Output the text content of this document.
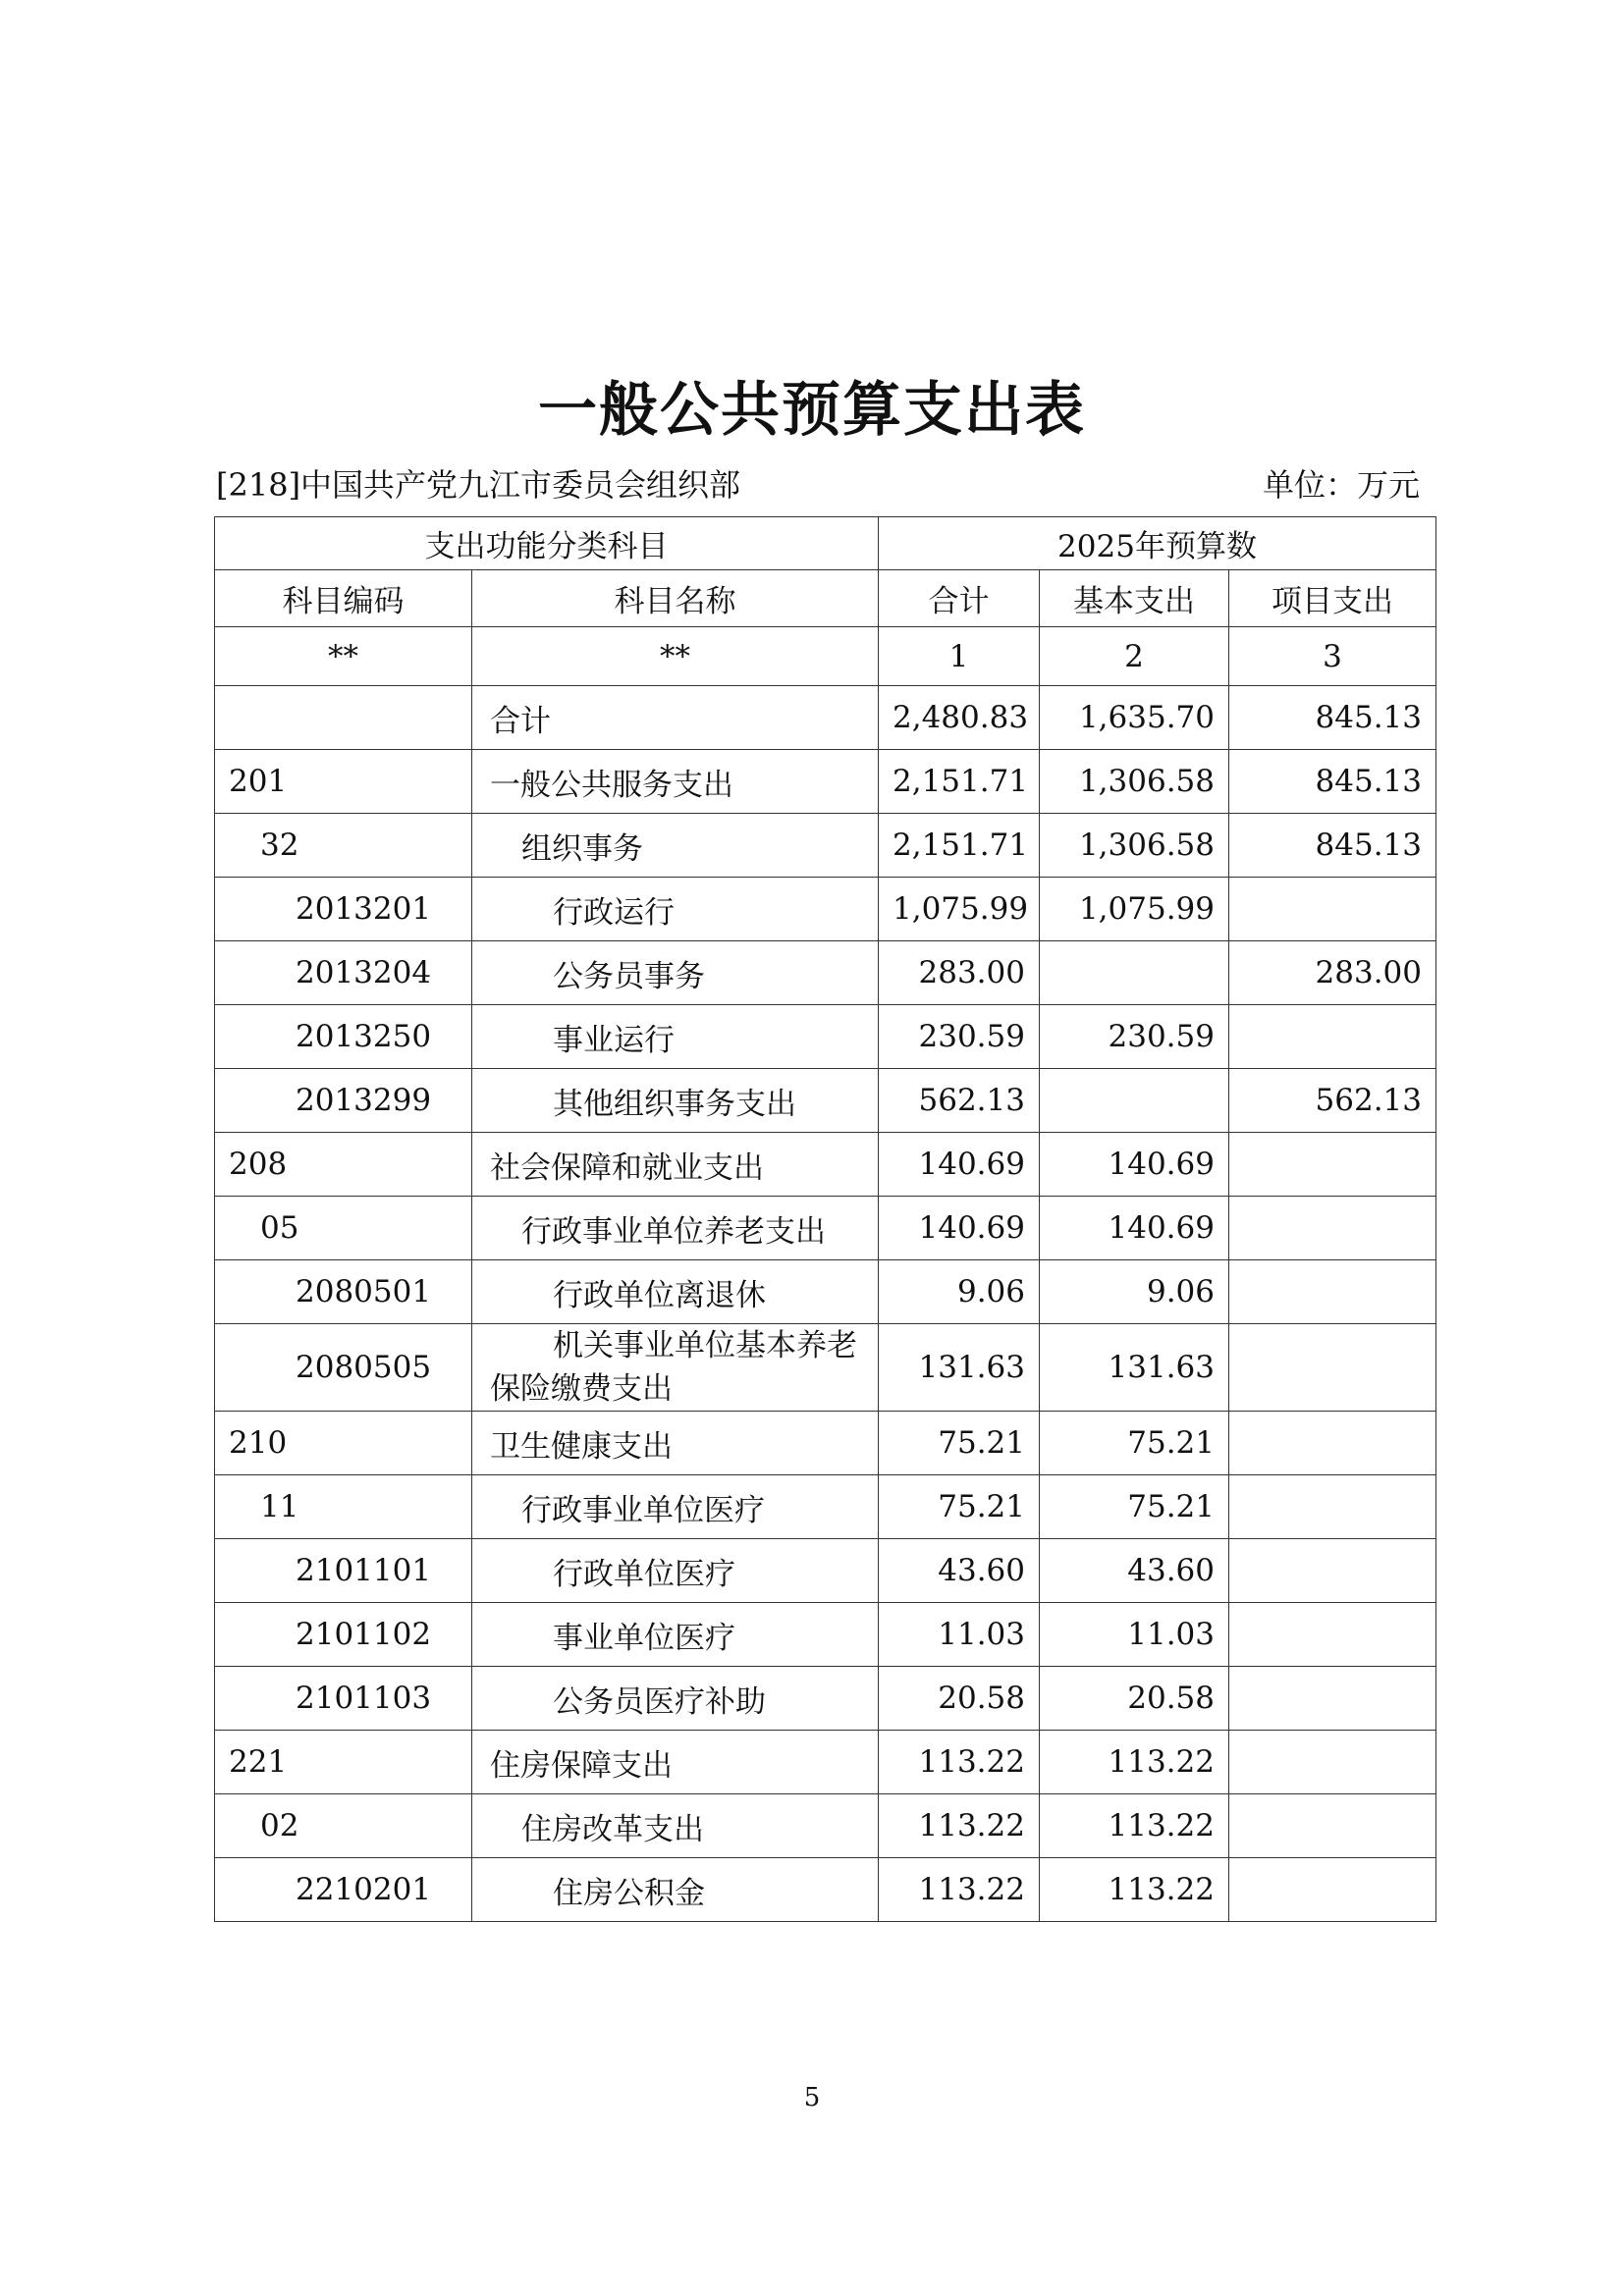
一般公共预算支出表
[218]中国共产党九江市委员会组织部	单位：万元
支出功能分类科目		2025年预算数		
科目编码	科目名称	合计	基本支出	项目支出
**	**	1	2	3
	合计	2,480.83	1,635.70	845.13
201	一般公共服务支出	2,151.71	1,306.58	845.13
32	组织事务	2,151.71	1,306.58	845.13
2013201	行政运行	1,075.99	1,075.99	
2013204	公务员事务	283.00		283.00
2013250	事业运行	230.59	230.59	
2013299	其他组织事务支出	562.13		562.13
208	社会保障和就业支出	140.69	140.69	
05	行政事业单位养老支出	140.69	140.69	
2080501	行政单位离退休	9.06	9.06	
2080505	机关事业单位基本养老保险缴费支出	131.63	131.63	
210	卫生健康支出	75.21	75.21	
11	行政事业单位医疗	75.21	75.21	
2101101	行政单位医疗	43.60	43.60	
2101102	事业单位医疗	11.03	11.03	
2101103	公务员医疗补助	20.58	20.58	
221	住房保障支出	113.22	113.22	
02	住房改革支出	113.22	113.22	
2210201	住房公积金	113.22	113.22	
5
